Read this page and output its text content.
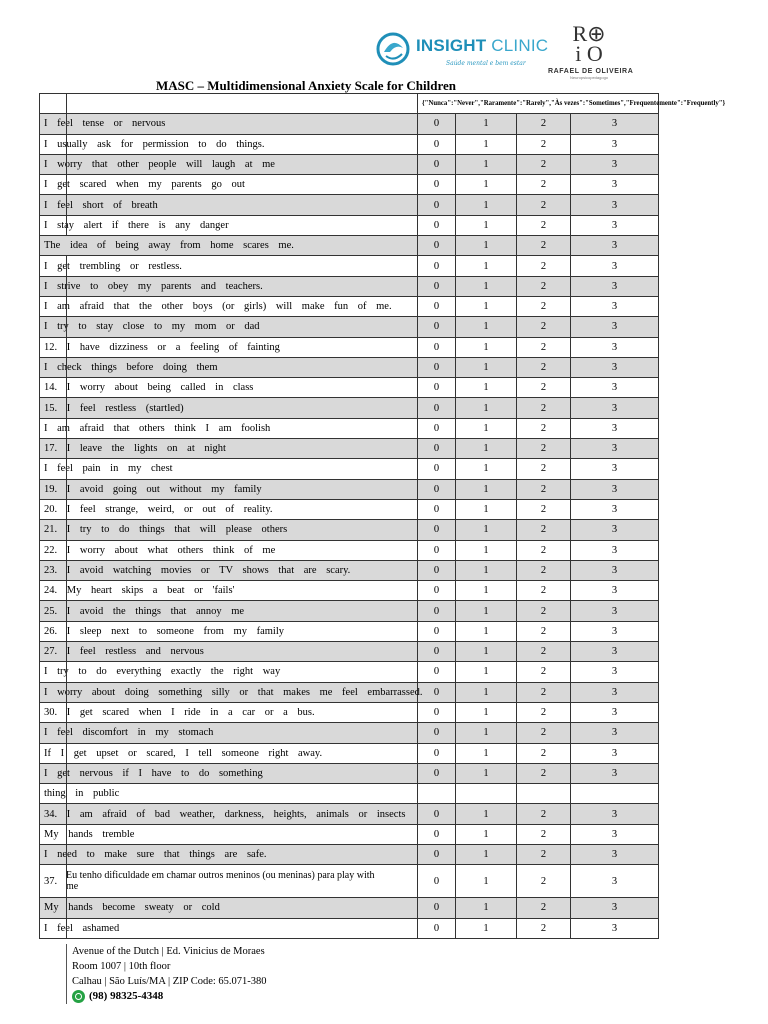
INSIGHT CLINIC
Saúde mental e bem estar
R⊕
i O
RAFAEL DE OLIVEIRA
Neuropsicopedagogo
MASC – Multidimensional Anxiety Scale for Children

	{"Nunca":"Never","Raramente":"Rarely","Às vezes":"Sometimes","Frequentemente":"Frequently"}			

I feel tense or nervous	0	1	2	3

I usually ask for permission to do things.	0	1	2	3

I worry that other people will laugh at me	0	1	2	3

I get scared when my parents go out	0	1	2	3

I feel short of breath	0	1	2	3

I stay alert if there is any danger	0	1	2	3
The idea of being away from home scares me.	0	1	2	3

I get trembling or restless.	0	1	2	3

I strive to obey my parents and teachers.	0	1	2	3

I am afraid that the other boys (or girls) will make fun of me.	0	1	2	3

I try to stay close to my mom or dad	0	1	2	3

12. I have dizziness or a feeling of fainting	0	1	2	3

I check things before doing them	0	1	2	3

14. I worry about being called in class	0	1	2	3

15. I feel restless (startled)	0	1	2	3

I am afraid that others think I am foolish	0	1	2	3

17. I leave the lights on at night	0	1	2	3

I feel pain in my chest	0	1	2	3

19. I avoid going out without my family	0	1	2	3

20. I feel strange, weird, or out of reality.	0	1	2	3

21. I try to do things that will please others	0	1	2	3

22. I worry about what others think of me	0	1	2	3

23. I avoid watching movies or TV shows that are scary.	0	1	2	3

24. My heart skips a beat or 'fails'	0	1	2	3

25. I avoid the things that annoy me	0	1	2	3

26. I sleep next to someone from my family	0	1	2	3

27. I feel restless and nervous	0	1	2	3

I try to do everything exactly the right way	0	1	2	3

I worry about doing something silly or that makes me feel embarrassed.	0	1	2	3

30. I get scared when I ride in a car or a bus.	0	1	2	3

I feel discomfort in my stomach	0	1	2	3

If I get upset or scared, I tell someone right away.	0	1	2	3

I get nervous if I have to do something	0	1	2	3

thing in public				

34. I am afraid of bad weather, darkness, heights, animals or insects	0	1	2	3

My hands tremble	0	1	2	3

I need to make sure that things are safe.	0	1	2	3

37. Eu tenho dificuldade em chamar outros meninos (ou meninas) para play with me	0	1	2	3

My hands become sweaty or cold	0	1	2	3

I feel ashamed	0	1	2	3
Avenue of the Dutch | Ed. Vinicius de Moraes
Room 1007 | 10th floor
Calhau | São Luís/MA | ZIP Code: 65.071-380
(98) 98325-4348
